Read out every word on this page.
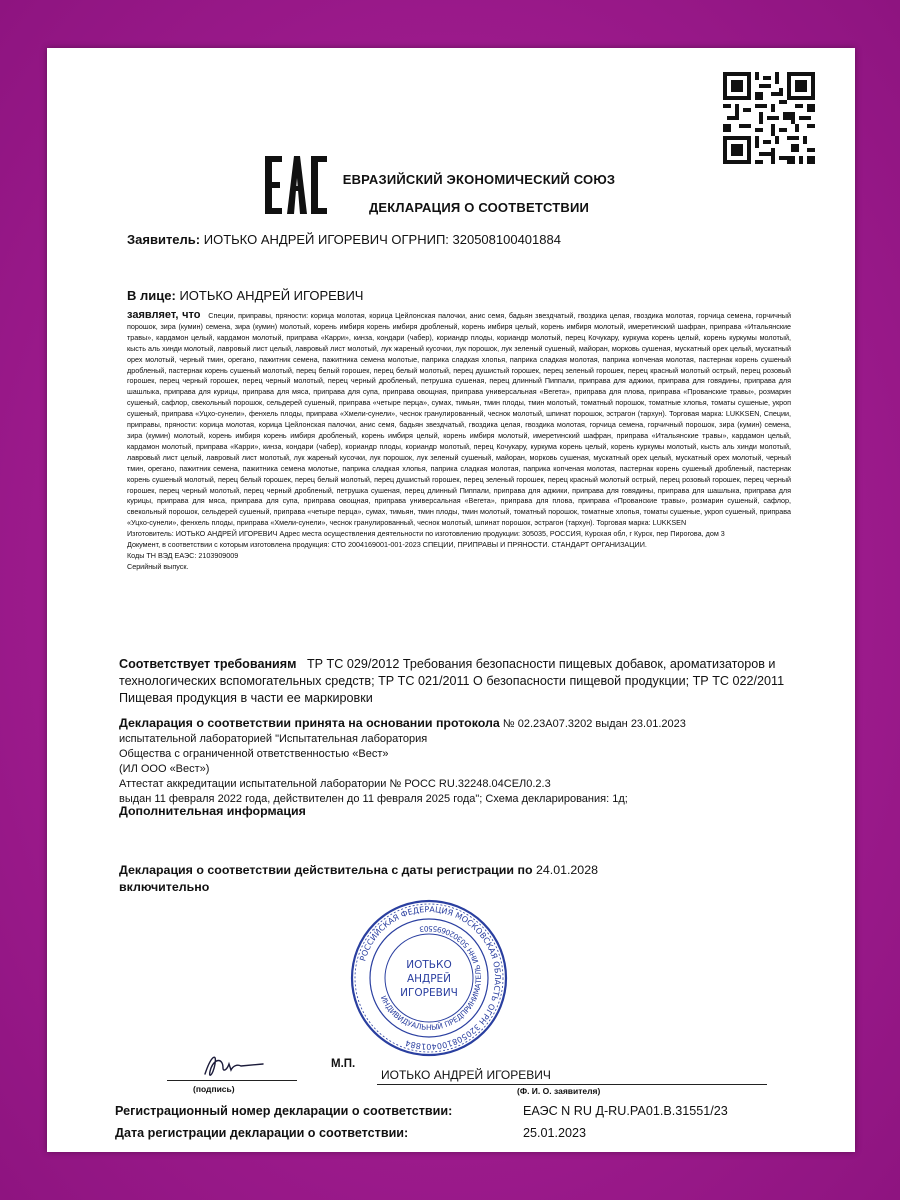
ЕВРАЗИЙСКИЙ ЭКОНОМИЧЕСКИЙ СОЮЗ
ДЕКЛАРАЦИЯ О СООТВЕТСТВИИ
Заявитель: ИОТЬКО АНДРЕЙ ИГОРЕВИЧ ОГРНИП: 320508100401884
В лице: ИОТЬКО АНДРЕЙ ИГОРЕВИЧ
заявляет, что Специи, приправы, пряности: корица молотая, корица Цейлонская палочки, анис семя, бадьян звездчатый, гвоздика целая, гвоздика молотая, горчица семена, горчичный порошок, зира (кумин) семена, зира (кумин) молотый, корень имбиря корень имбиря дробленый, корень имбиря целый, корень имбиря молотый, имеретинский шафран, приправа «Итальянские травы», кардамон целый, кардамон молотый, приправа «Карри», кинза, кондари (чабер), кориандр плоды, кориандр молотый, перец Кочукару, куркума корень целый, корень куркумы молотый, кысть аль хинди молотый, лавровый лист целый, лавровый лист молотый, лук жареный кусочки, лук порошок, лук зеленый сушеный, майоран, морковь сушеная, мускатный орех целый, мускатный орех молотый, черный тмин, орегано, пажитник семена, пажитника семена молотые, паприка сладкая хлопья, паприка сладкая молотая, паприка копченая молотая, пастернак корень сушеный дробленый, пастернак корень сушеный молотый, перец белый горошек, перец белый молотый, перец душистый горошек, перец зеленый горошек, перец красный молотый острый, перец розовый горошек, перец черный горошек, перец черный молотый, перец черный дробленый, петрушка сушеная, перец длинный Пиппали, приправа для аджики, приправа для говядины, приправа для шашлыка, приправа для курицы, приправа для мяса, приправа для супа, приправа овощная, приправа универсальная «Вегета», приправа для плова, приправа «Прованские травы», розмарин сушеный, сафлор, свекольный порошок, сельдерей сушеный, приправа «четыре перца», сумах, тимьян, тмин плоды, тмин молотый, томатный порошок, томатные хлопья, томаты сушеные, укроп сушеный, приправа «Уцхо-сунели», фенхель плоды, приправа «Хмели-сунели», чеснок гранулированный, чеснок молотый, шпинат порошок, эстрагон (тархун). Торговая марка: LUKKSEN, Специи, приправы, пряности: корица молотая, корица Цейлонская палочки, анис семя, бадьян звездчатый, гвоздика целая, гвоздика молотая, горчица семена, горчичный порошок, зира (кумин) семена, зира (кумин) молотый, корень имбиря корень имбиря дробленый, корень имбиря целый, корень имбиря молотый, имеретинский шафран, приправа «Итальянские травы», кардамон целый, кардамон молотый, приправа «Карри», кинза, кондари (чабер), кориандр плоды, кориандр молотый, перец Кочукару, куркума корень целый, корень куркумы молотый, кысть аль хинди молотый, лавровый лист целый, лавровый лист молотый, лук жареный кусочки, лук порошок, лук зеленый сушеный, майоран, морковь сушеная, мускатный орех целый, мускатный орех молотый, черный тмин, орегано, пажитник семена, пажитника семена молотые, паприка сладкая хлопья, паприка сладкая молотая, паприка копченая молотая, пастернак корень сушеный дробленый, пастернак корень сушеный молотый, перец белый горошек, перец белый молотый, перец душистый горошек, перец зеленый горошек, перец красный молотый острый, перец розовый горошек, перец черный горошек, перец черный молотый, перец черный дробленый, петрушка сушеная, перец длинный Пиппали, приправа для аджики, приправа для говядины, приправа для шашлыка, приправа для курицы, приправа для мяса, приправа для супа, приправа овощная, приправа универсальная «Вегета», приправа для плова, приправа «Прованские травы», розмарин сушеный, сафлор, свекольный порошок, сельдерей сушеный, приправа «четыре перца», сумах, тимьян, тмин плоды, тмин молотый, томатный порошок, томатные хлопья, томаты сушеные, укроп сушеный, приправа «Уцхо-сунели», фенхель плоды, приправа «Хмели-сунели», чеснок гранулированный, чеснок молотый, шпинат порошок, эстрагон (тархун). Торговая марка: LUKKSEN
Изготовитель: ИОТЬКО АНДРЕЙ ИГОРЕВИЧ Адрес места осуществления деятельности по изготовлению продукции: 305035, РОССИЯ, Курская обл, г Курск, пер Пирогова, дом 3
Документ, в соответствии с которым изготовлена продукция: СТО 2004169001-001-2023 СПЕЦИИ, ПРИПРАВЫ И ПРЯНОСТИ. СТАНДАРТ ОРГАНИЗАЦИИ.
Коды ТН ВЭД ЕАЭС: 2103909009
Серийный выпуск.
Соответствует требованиям ТР ТС 029/2012 Требования безопасности пищевых добавок, ароматизаторов и технологических вспомогательных средств; ТР ТС 021/2011 О безопасности пищевой продукции; ТР ТС 022/2011 Пищевая продукция в части ее маркировки
Декларация о соответствии принята на основании протокола № 02.23А07.3202 выдан 23.01.2023
испытательной лабораторией "Испытательная лаборатория
Общества с ограниченной ответственностью «Вест»
(ИЛ ООО «Вест»)
Аттестат аккредитации испытательной лаборатории № РОСС RU.32248.04СЕЛ0.2.3
выдан 11 февраля 2022 года, действителен до 11 февраля 2025 года"; Схема декларирования: 1д;
Дополнительная информация
Декларация о соответствии действительна с даты регистрации по 24.01.2028
включительно
РОССИЙСКАЯ ФЕДЕРАЦИЯ МОСКОВСКАЯ ОБЛАСТЬ ОГРН 320508100401884
ИНДИВИДУАЛЬНЫЙ ПРЕДПРИНИМАТЕЛЬ ИНН 503020695503
ИОТЬКО
АНДРЕЙ
ИГОРЕВИЧ
(подпись)
М.П.
ИОТЬКО АНДРЕЙ ИГОРЕВИЧ
(Ф. И. О. заявителя)
Регистрационный номер декларации о соответствии:	ЕАЭС N RU Д-RU.РА01.В.31551/23
Дата регистрации декларации о соответствии:	25.01.2023
